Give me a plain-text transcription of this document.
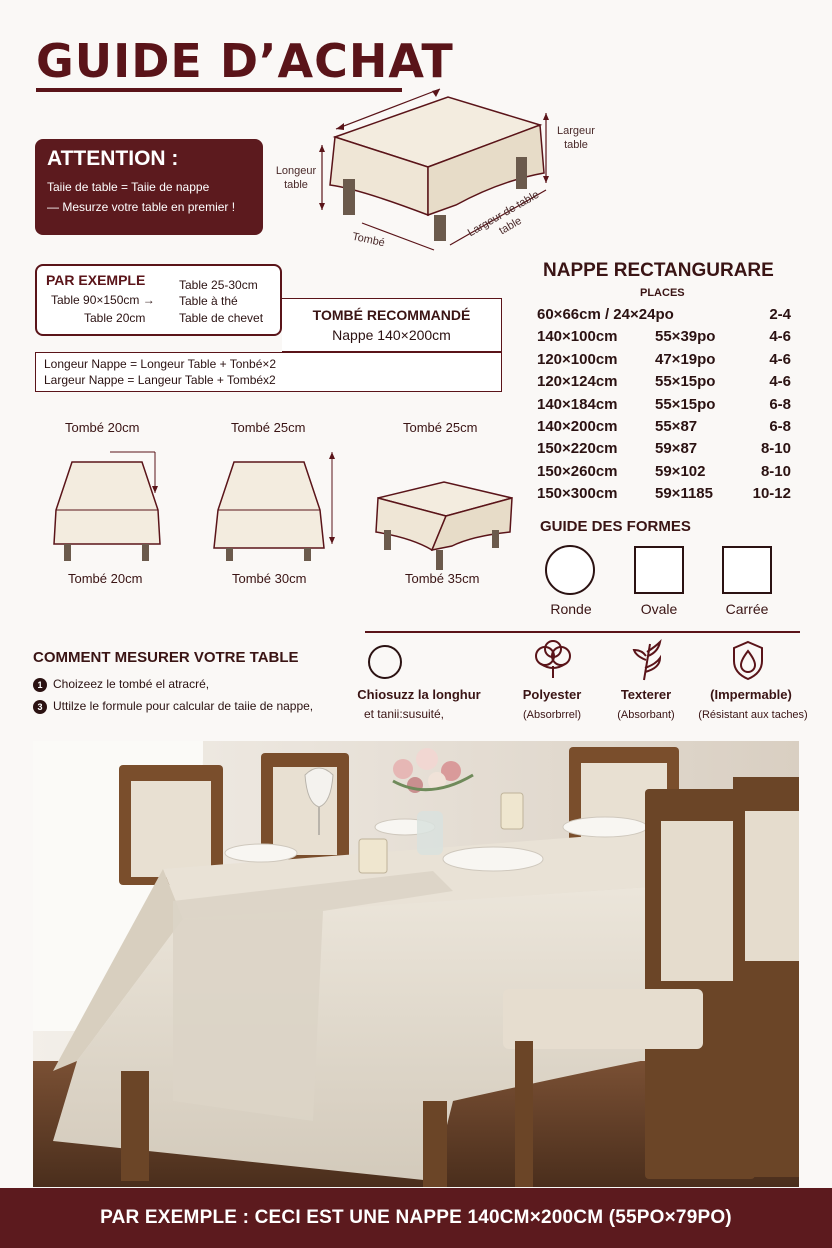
GUIDE D’ACHAT
ATTENTION :

Taiie de table = Taiie de nappe

— Mesurze votre table en premier !

Longeur table
Largeur table
Tombé
Largeur de table table
PAR EXEMPLE
Table 90×150cm →
Table 20cm
Table 25-30cm
Table à thé
Table de chevet	TOMBÉ RECOMMANDÉ
Nappe 140×200cm
Longeur Nappe = Longeur Table + Tonbé×2
Largeur Nappe = Langeur Table + Tombéx2
NAPPE RECTANGURARE
PLACES
60×66cm / 24×24po	2-4
140×100cm	55×39po	4-6
120×100cm	47×19po	4-6
120×124cm	55×15po	4-6
140×184cm	55×15po	6-8
140×200cm	55×87	6-8
150×220cm	59×87	8-10
150×260cm	59×102	8-10
150×300cm	59×1185	10-12
Tombé 20cm	Tombé 25cm	Tombé 25cm
Tombé 20cm	Tombé 30cm	Tombé 35cm
GUIDE DES FORMES
Ronde	Ovale	Carrée
COMMENT MESURER VOTRE TABLE
1 Choizeez le tombé el atracré,
3 Uttilze le formule pour calcular de taiie de nappe,
Chiosuzz la longhur
et tanii:susuité,
Polyester
(Absorbrrel)
Texterer
(Absorbant)
(Impermable)
(Résistant aux taches)
PAR EXEMPLE : CECI EST UNE NAPPE 140CM×200CM (55PO×79PO)
